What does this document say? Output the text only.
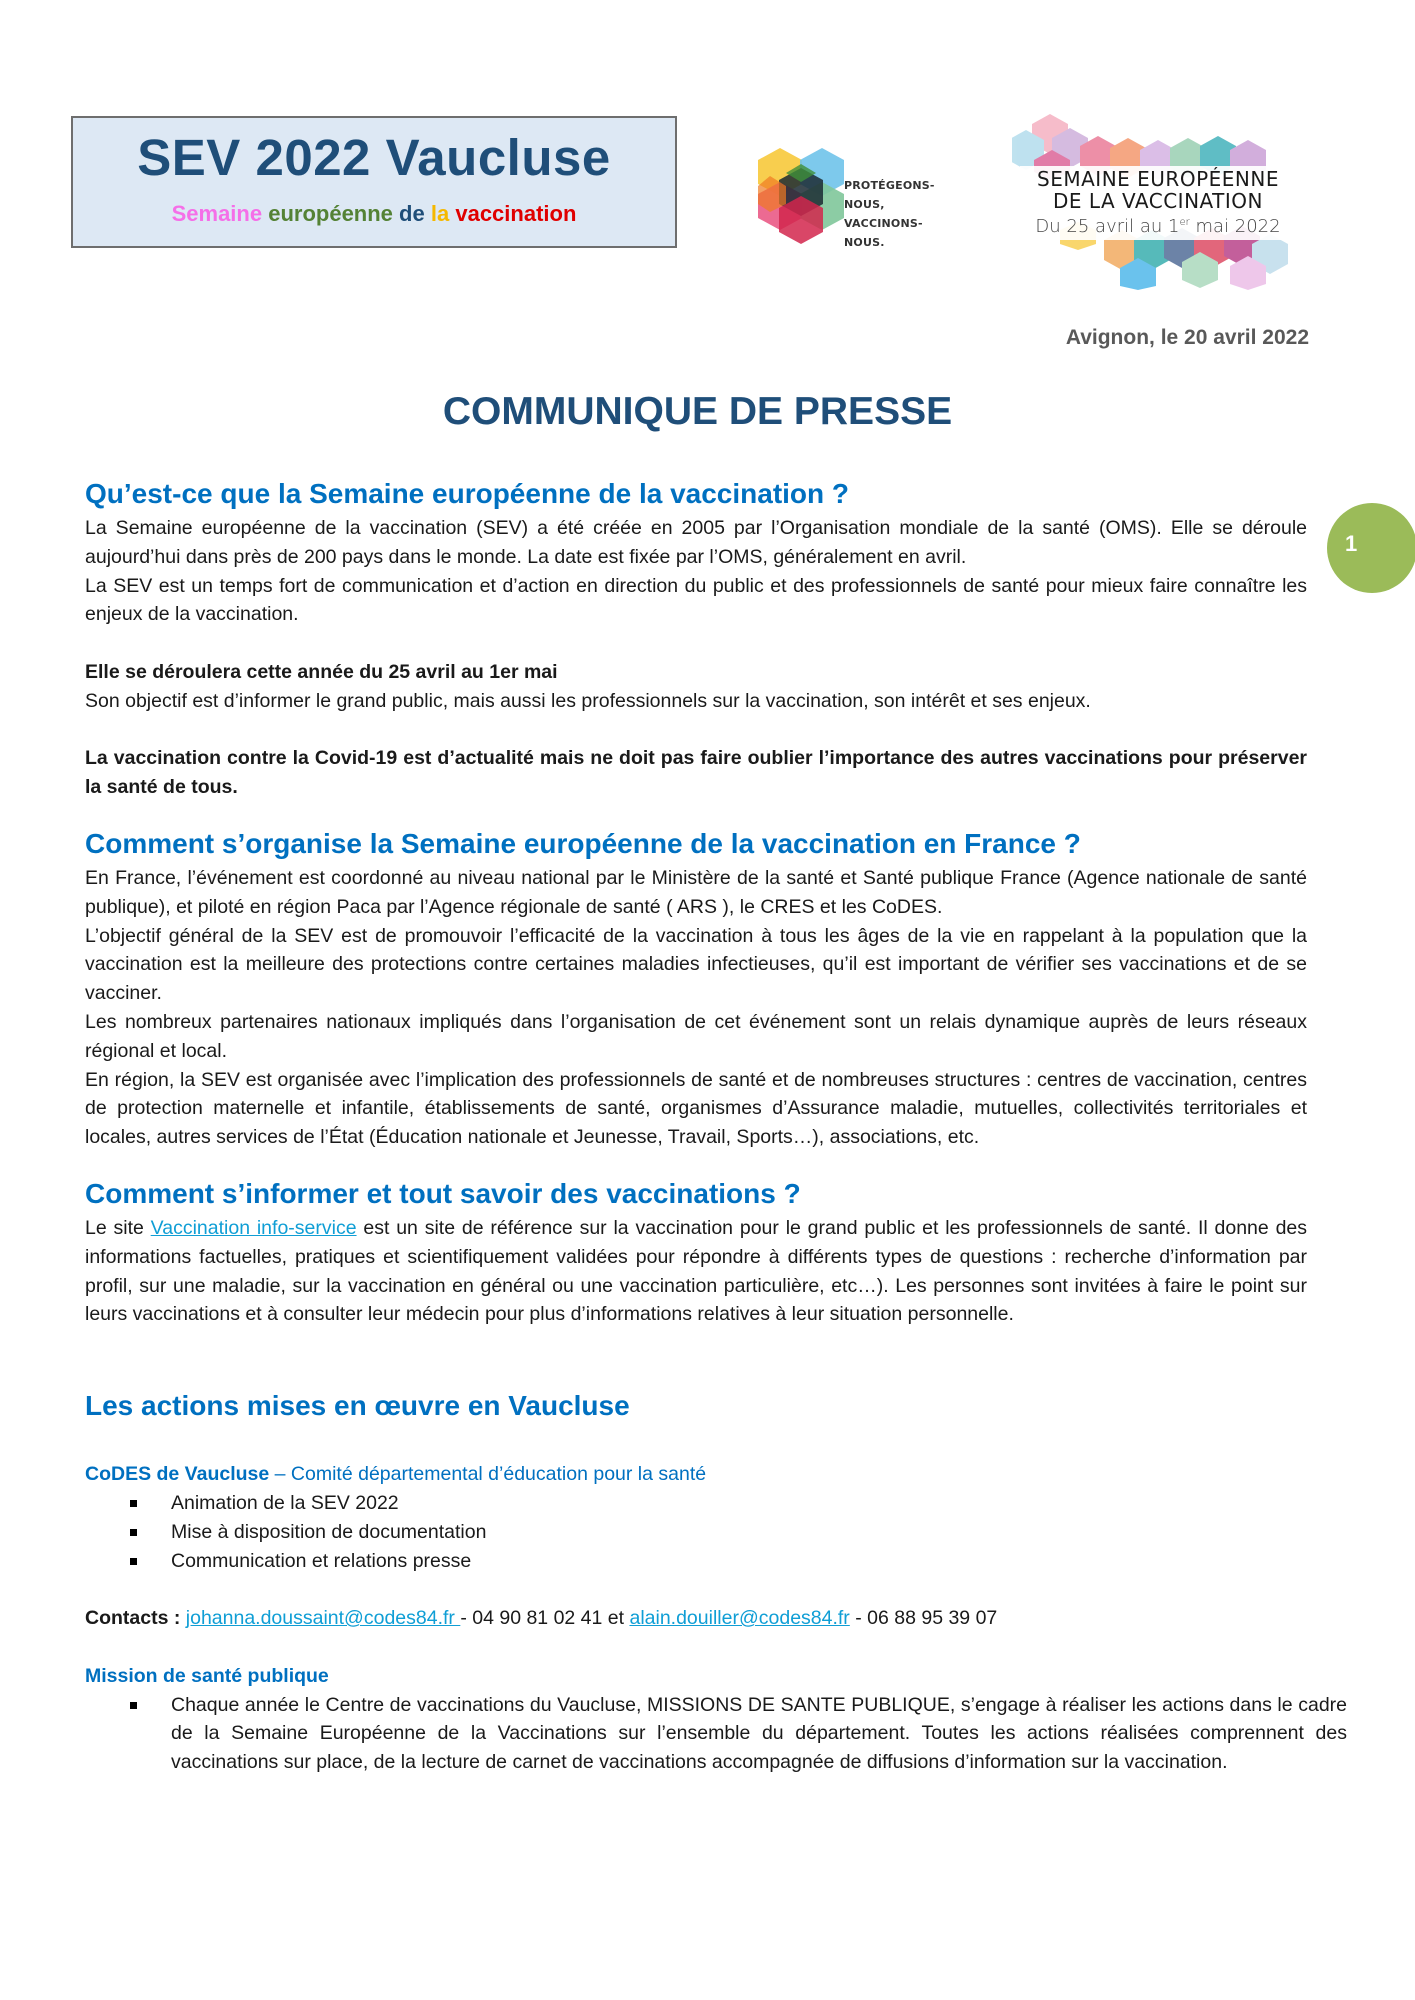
SEV 2022 Vaucluse
Semaine européenne de la vaccination
PROTÉGEONS-NOUS,
VACCINONS-NOUS.
SEMAINE EUROPÉENNE
DE LA VACCINATION
Du 25 avril au 1er mai 2022
Avignon, le 20 avril 2022
COMMUNIQUE DE PRESSE
1
Qu’est-ce que la Semaine européenne de la vaccination ?

La Semaine européenne de la vaccination (SEV) a été créée en 2005 par l’Organisation mondiale de la santé (OMS). Elle se déroule aujourd’hui dans près de 200 pays dans le monde. La date est fixée par l’OMS, généralement en avril.

La SEV est un temps fort de communication et d’action en direction du public et des professionnels de santé pour mieux faire connaître les enjeux de la vaccination.

Elle se déroulera cette année du 25 avril au 1er mai

Son objectif est d’informer le grand public, mais aussi les professionnels sur la vaccination, son intérêt et ses enjeux.

La vaccination contre la Covid-19 est d’actualité mais ne doit pas faire oublier l’importance des autres vaccinations pour préserver la santé de tous.

Comment s’organise la Semaine européenne de la vaccination en France ?

En France, l’événement est coordonné au niveau national par le Ministère de la santé et Santé publique France (Agence nationale de santé publique), et piloté en région Paca par l’Agence régionale de santé ( ARS ), le CRES et les CoDES.

L’objectif général de la SEV est de promouvoir l’efficacité de la vaccination à tous les âges de la vie en rappelant à la population que la vaccination est la meilleure des protections contre certaines maladies infectieuses, qu’il est important de vérifier ses vaccinations et de se vacciner.

Les nombreux partenaires nationaux impliqués dans l’organisation de cet événement sont un relais dynamique auprès de leurs réseaux régional et local.

En région, la SEV est organisée avec l’implication des professionnels de santé et de nombreuses structures : centres de vaccination, centres de protection maternelle et infantile, établissements de santé, organismes d’Assurance maladie, mutuelles, collectivités territoriales et locales, autres services de l’État (Éducation nationale et Jeunesse, Travail, Sports…), associations, etc.

Comment s’informer et tout savoir des vaccinations ?

Le site Vaccination info-service est un site de référence sur la vaccination pour le grand public et les professionnels de santé. Il donne des informations factuelles, pratiques et scientifiquement validées pour répondre à différents types de questions : recherche d’information par profil, sur une maladie, sur la vaccination en général ou une vaccination particulière, etc…). Les personnes sont invitées à faire le point sur leurs vaccinations et à consulter leur médecin pour plus d’informations relatives à leur situation personnelle.

Les actions mises en œuvre en Vaucluse
CoDES de Vaucluse – Comité départemental d’éducation pour la santé
Animation de la SEV 2022
Mise à disposition de documentation
Communication et relations presse

Contacts : johanna.doussaint@codes84.fr - 04 90 81 02 41 et alain.douiller@codes84.fr - 06 88 95 39 07

Mission de santé publique
Chaque année le Centre de vaccinations du Vaucluse, MISSIONS DE SANTE PUBLIQUE, s’engage à réaliser les actions dans le cadre de la Semaine Européenne de la Vaccinations sur l’ensemble du département. Toutes les actions réalisées comprennent des vaccinations sur place, de la lecture de carnet de vaccinations accompagnée de diffusions d’information sur la vaccination.
